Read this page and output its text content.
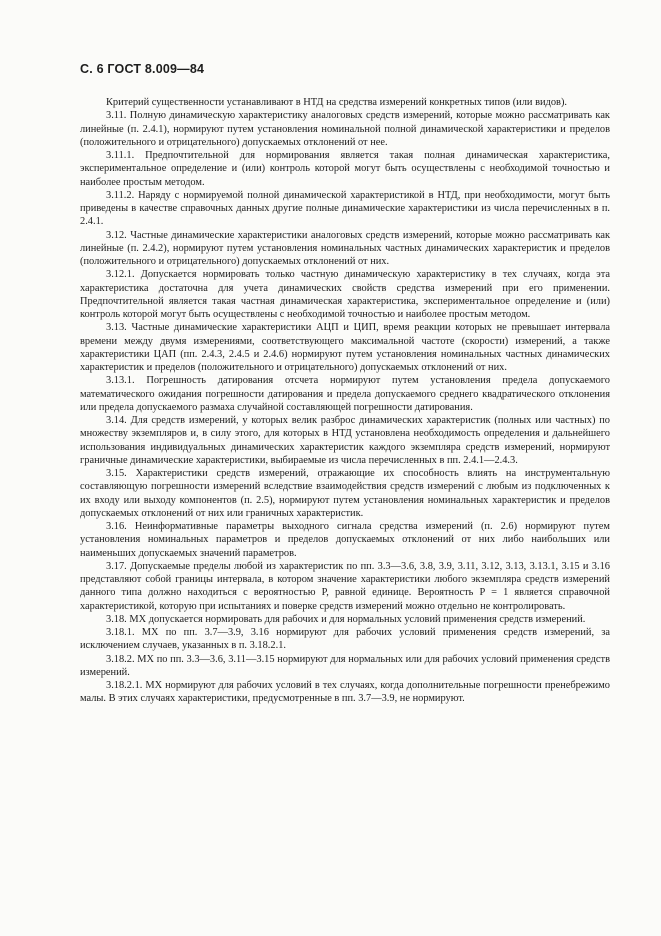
С. 6 ГОСТ 8.009—84

Критерий существенности устанавливают в НТД на средства измерений конкретных типов (или видов).

3.11. Полную динамическую характеристику аналоговых средств измерений, которые можно рассматривать как линейные (п. 2.4.1), нормируют путем установления номинальной полной динамической характеристики и пределов (положительного и отрицательного) допускаемых отклонений от нее.

3.11.1. Предпочтительной для нормирования является такая полная динамическая характеристика, экспериментальное определение и (или) контроль которой могут быть осуществлены с необходимой точностью и наиболее простым методом.

3.11.2. Наряду с нормируемой полной динамической характеристикой в НТД, при необходимости, могут быть приведены в качестве справочных данных другие полные динамические характеристики из числа перечисленных в п. 2.4.1.

3.12. Частные динамические характеристики аналоговых средств измерений, которые можно рассматривать как линейные (п. 2.4.2), нормируют путем установления номинальных частных динамических характеристик и пределов (положительного и отрицательного) допускаемых отклонений от них.

3.12.1. Допускается нормировать только частную динамическую характеристику в тех случаях, когда эта характеристика достаточна для учета динамических свойств средства измерений при его применении. Предпочтительной является такая частная динамическая характеристика, экспериментальное определение и (или) контроль которой могут быть осуществлены с необходимой точностью и наиболее простым методом.

3.13. Частные динамические характеристики АЦП и ЦИП, время реакции которых не превышает интервала времени между двумя измерениями, соответствующего максимальной частоте (скорости) измерений, а также характеристики ЦАП (пп. 2.4.3, 2.4.5 и 2.4.6) нормируют путем установления номинальных частных динамических характеристик и пределов (положительного и отрицательного) допускаемых отклонений от них.

3.13.1. Погрешность датирования отсчета нормируют путем установления предела допускаемого математического ожидания погрешности датирования и предела допускаемого среднего квадратического отклонения или предела допускаемого размаха случайной составляющей погрешности датирования.

3.14. Для средств измерений, у которых велик разброс динамических характеристик (полных или частных) по множеству экземпляров и, в силу этого, для которых в НТД установлена необходимость определения и дальнейшего использования индивидуальных динамических характеристик каждого экземпляра средств измерений, нормируют граничные динамические характеристики, выбираемые из числа перечисленных в пп. 2.4.1—2.4.3.

3.15. Характеристики средств измерений, отражающие их способность влиять на инструментальную составляющую погрешности измерений вследствие взаимодействия средств измерений с любым из подключенных к их входу или выходу компонентов (п. 2.5), нормируют путем установления номинальных характеристик и пределов допускаемых отклонений от них или граничных характеристик.

3.16. Неинформативные параметры выходного сигнала средства измерений (п. 2.6) нормируют путем установления номинальных параметров и пределов допускаемых отклонений от них либо наибольших или наименьших допускаемых значений параметров.

3.17. Допускаемые пределы любой из характеристик по пп. 3.3—3.6, 3.8, 3.9, 3.11, 3.12, 3.13, 3.13.1, 3.15 и 3.16 представляют собой границы интервала, в котором значение характеристики любого экземпляра средств измерений данного типа должно находиться с вероятностью P, равной единице. Вероятность P = 1 является справочной характеристикой, которую при испытаниях и поверке средств измерений можно отдельно не контролировать.

3.18. МХ допускается нормировать для рабочих и для нормальных условий применения средств измерений.

3.18.1. МХ по пп. 3.7—3.9, 3.16 нормируют для рабочих условий применения средств измерений, за исключением случаев, указанных в п. 3.18.2.1.

3.18.2. МХ по пп. 3.3—3.6, 3.11—3.15 нормируют для нормальных или для рабочих условий применения средств измерений.

3.18.2.1. МХ нормируют для рабочих условий в тех случаях, когда дополнительные погрешности пренебрежимо малы. В этих случаях характеристики, предусмотренные в пп. 3.7—3.9, не нормируют.
